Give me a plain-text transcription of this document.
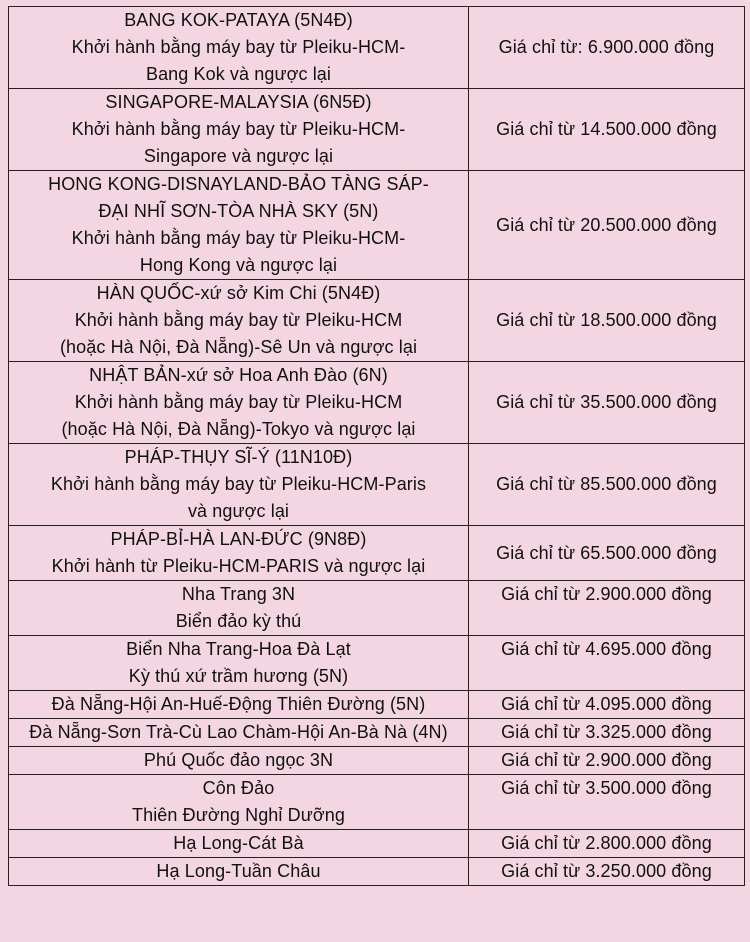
BANG KOK-PATAYA (5N4Đ)
Khởi hành bằng máy bay từ Pleiku-HCM-
Bang Kok và ngược lại	Giá chỉ từ: 6.900.000 đồng

SINGAPORE-MALAYSIA (6N5Đ)
Khởi hành bằng máy bay từ Pleiku-HCM-
Singapore và ngược lại	Giá chỉ từ 14.500.000 đồng

HONG KONG-DISNAYLAND-BẢO TÀNG SÁP-
ĐẠI NHĨ SƠN-TÒA NHÀ SKY (5N)
Khởi hành bằng máy bay từ Pleiku-HCM-
Hong Kong và ngược lại	Giá chỉ từ 20.500.000 đồng

HÀN QUỐC-xứ sở Kim Chi (5N4Đ)
Khởi hành bằng máy bay từ Pleiku-HCM
(hoặc Hà Nội, Đà Nẵng)-Sê Un và ngược lại	Giá chỉ từ 18.500.000 đồng

NHẬT BẢN-xứ sở Hoa Anh Đào (6N)
Khởi hành bằng máy bay từ Pleiku-HCM
(hoặc Hà Nội, Đà Nẵng)-Tokyo và ngược lại	Giá chỉ từ 35.500.000 đồng

PHÁP-THỤY SĨ-Ý (11N10Đ)
Khởi hành bằng máy bay từ Pleiku-HCM-Paris
và ngược lại	Giá chỉ từ 85.500.000 đồng

PHÁP-BỈ-HÀ LAN-ĐỨC (9N8Đ)
Khởi hành từ Pleiku-HCM-PARIS và ngược lại	Giá chỉ từ 65.500.000 đồng

Nha Trang 3N
Biển đảo kỳ thú	Giá chỉ từ 2.900.000 đồng

Biển Nha Trang-Hoa Đà Lạt
Kỳ thú xứ trầm hương (5N)	Giá chỉ từ 4.695.000 đồng

Đà Nẵng-Hội An-Huế-Động Thiên Đường (5N)	Giá chỉ từ 4.095.000 đồng

Đà Nẵng-Sơn Trà-Cù Lao Chàm-Hội An-Bà Nà (4N)	Giá chỉ từ 3.325.000 đồng

Phú Quốc đảo ngọc 3N	Giá chỉ từ 2.900.000 đồng

Côn Đảo
Thiên Đường Nghỉ Dưỡng	Giá chỉ từ 3.500.000 đồng

Hạ Long-Cát Bà	Giá chỉ từ 2.800.000 đồng

Hạ Long-Tuần Châu	Giá chỉ từ 3.250.000 đồng
